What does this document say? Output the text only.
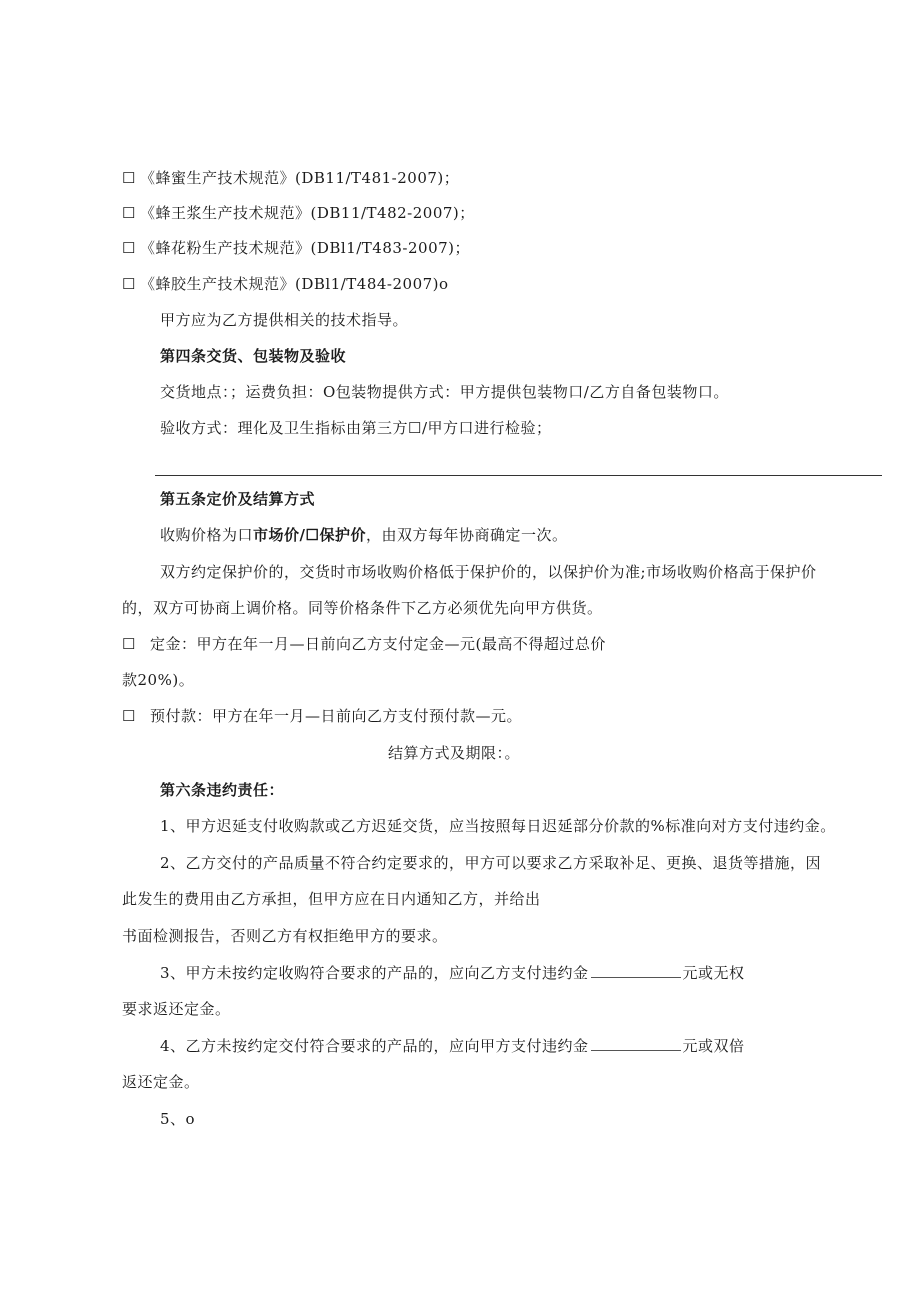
☐ 《蜂蜜生产技术规范》(DB11/T481-2007)；
☐ 《蜂王浆生产技术规范》(DB11/T482-2007)；
☐ 《蜂花粉生产技术规范》(DBl1/T483-2007)；
☐ 《蜂胶生产技术规范》(DBl1/T484-2007)o
甲方应为乙方提供相关的技术指导。
第四条交货、包装物及验收
交货地点：；运费负担：O包装物提供方式：甲方提供包装物口/乙方自备包装物口。
验收方式：理化及卫生指标由第三方☐/甲方口进行检验；
第五条定价及结算方式
收购价格为口市场价/☐保护价，由双方每年协商确定一次。
双方约定保护价的，交货时市场收购价格低于保护价的，以保护价为准;市场收购价格高于保护价
的，双方可协商上调价格。同等价格条件下乙方必须优先向甲方供货。
☐ 定金：甲方在年一月—日前向乙方支付定金—元(最高不得超过总价
款20%)。
☐ 预付款：甲方在年一月—日前向乙方支付预付款—元。
结算方式及期限：。
第六条违约责任：
1、甲方迟延支付收购款或乙方迟延交货，应当按照每日迟延部分价款的%标准向对方支付违约金。
2、乙方交付的产品质量不符合约定要求的，甲方可以要求乙方采取补足、更换、退货等措施，因
此发生的费用由乙方承担，但甲方应在日内通知乙方，并给出
书面检测报告，否则乙方有权拒绝甲方的要求。
3、甲方未按约定收购符合要求的产品的，应向乙方支付违约金	元或无权
要求返还定金。
4、乙方未按约定交付符合要求的产品的，应向甲方支付违约金	元或双倍
返还定金。
5、o
